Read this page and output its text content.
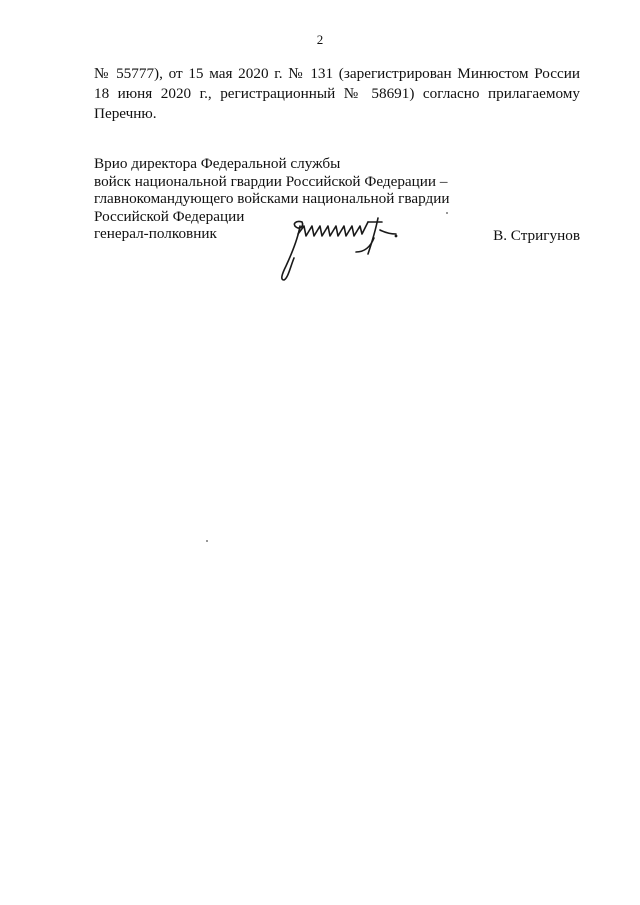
2
№ 55777), от 15 мая 2020 г. № 131 (зарегистрирован Минюстом России
18 июня 2020 г., регистрационный № 58691) согласно прилагаемому
Перечню.
Врио директора Федеральной службы
войск национальной гвардии Российской Федерации –
главнокомандующего войсками национальной гвардии
Российской Федерации
генерал-полковник	В. Стригунов
